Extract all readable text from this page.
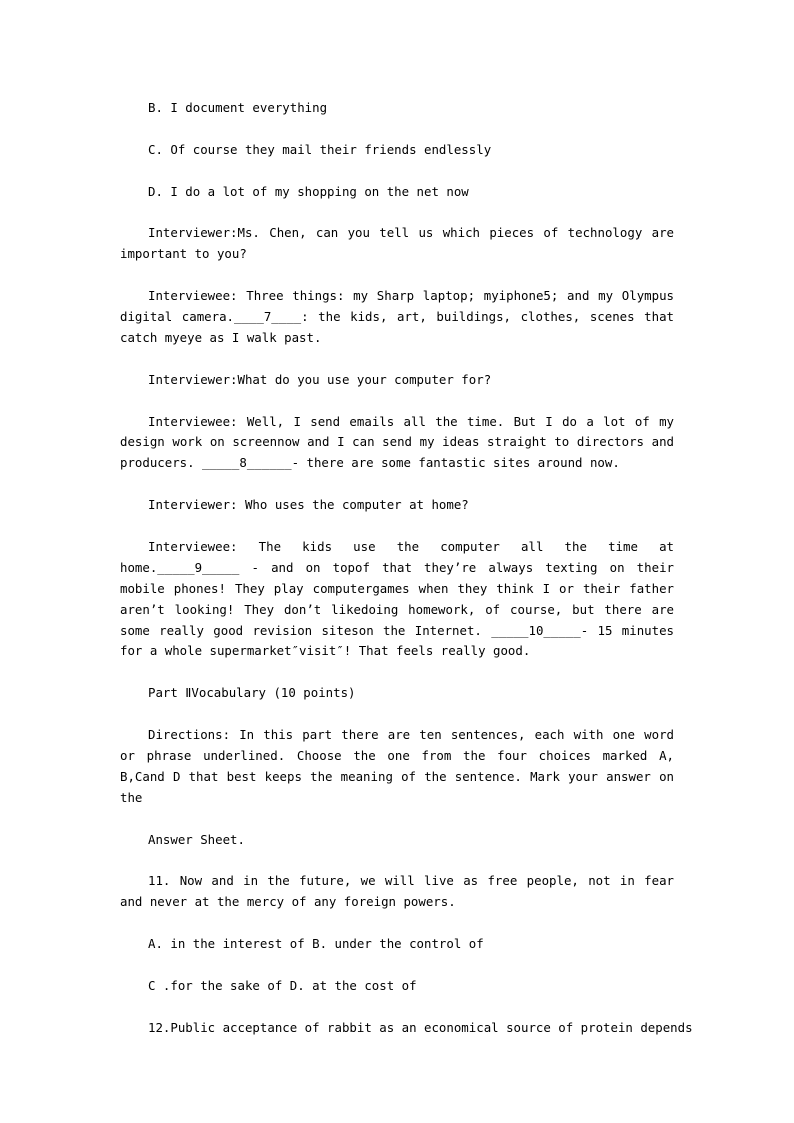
B. I document everything

C. Of course they mail their friends endlessly

D. I do a lot of my shopping on the net now

Interviewer:Ms. Chen, can you tell us which pieces of technology are important to you?

Interviewee: Three things: my Sharp laptop; myiphone5; and my Olympus digital camera.____7____: the kids, art, buildings, clothes, scenes that catch myeye as I walk past.

Interviewer:What do you use your computer for?

Interviewee: Well, I send emails all the time. But I do a lot of my design work on screennow and I can send my ideas straight to directors and producers. _____8______- there are some fantastic sites around now.

Interviewer: Who uses the computer at home?

Interviewee: The kids use the computer all the time at home._____9_____ - and on topof that they’re always texting on their mobile phones! They play computergames when they think I or their father aren’t looking! They don’t likedoing homework, of course, but there are some really good revision siteson the Internet. _____10_____- 15 minutes for a whole supermarket″visit″! That feels really good.

Part ⅡVocabulary (10 points)

Directions: In this part there are ten sentences, each with one word or phrase underlined. Choose the one from the four choices marked A, B,Cand D that best keeps the meaning of the sentence. Mark your answer on the

Answer Sheet.

11. Now and in the future, we will live as free people, not in fear and never at the mercy of any foreign powers.

A. in the interest of B. under the control of

C .for the sake of D. at the cost of

12.Public acceptance of rabbit as an economical source of protein depends
